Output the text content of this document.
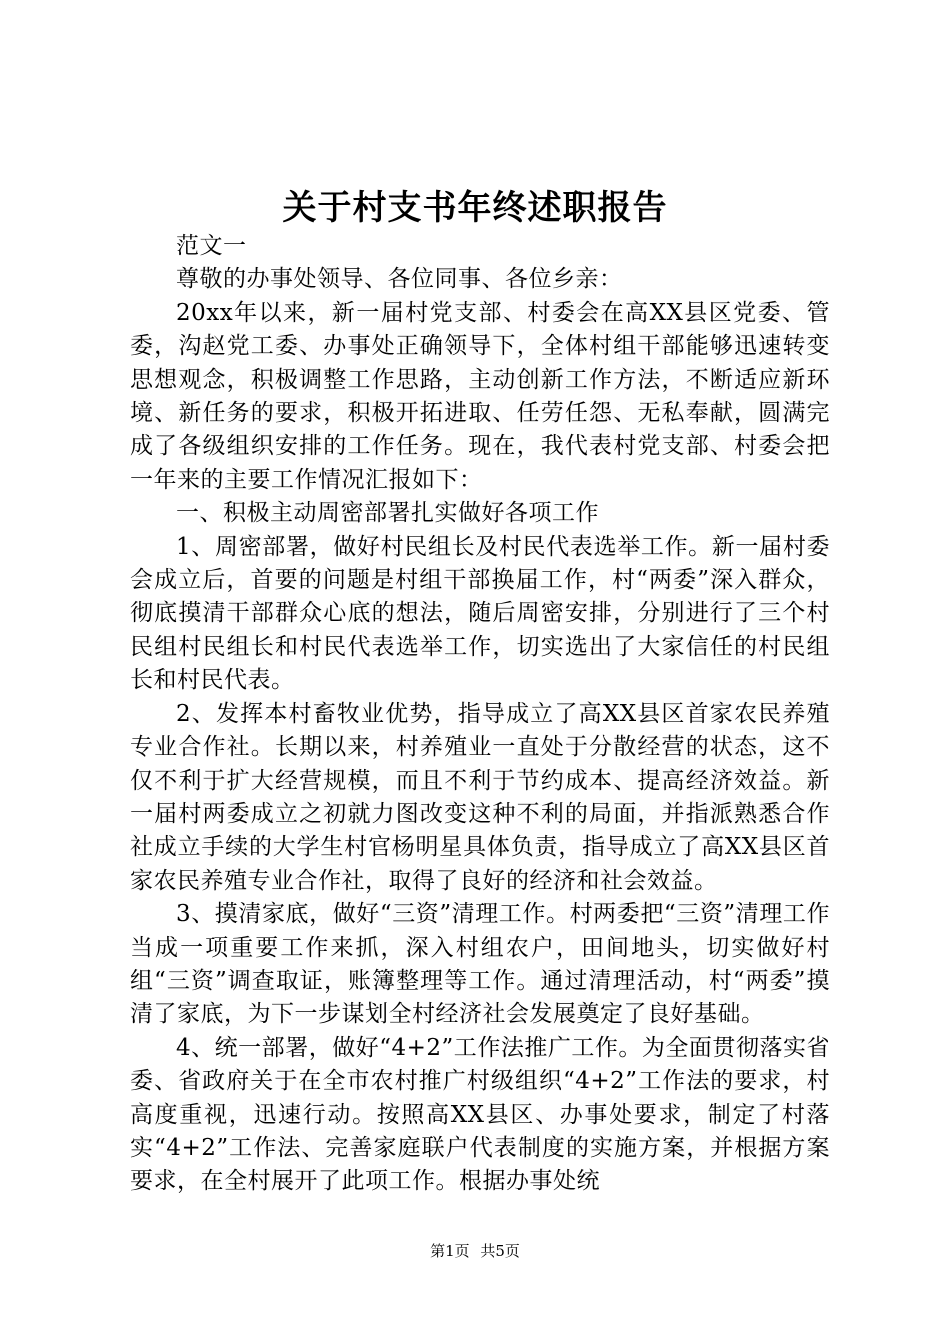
关于村支书年终述职报告

范文一

尊敬的办事处领导、各位同事、各位乡亲：

20xx年以来，新一届村党支部、村委会在高XX县区党委、管委，沟赵党工委、办事处正确领导下，全体村组干部能够迅速转变思想观念，积极调整工作思路，主动创新工作方法，不断适应新环境、新任务的要求，积极开拓进取、任劳任怨、无私奉献，圆满完成了各级组织安排的工作任务。现在，我代表村党支部、村委会把一年来的主要工作情况汇报如下：

一、积极主动周密部署扎实做好各项工作

1、周密部署，做好村民组长及村民代表选举工作。新一届村委会成立后，首要的问题是村组干部换届工作，村“两委”深入群众，彻底摸清干部群众心底的想法，随后周密安排，分别进行了三个村民组村民组长和村民代表选举工作，切实选出了大家信任的村民组长和村民代表。

2、发挥本村畜牧业优势，指导成立了高XX县区首家农民养殖专业合作社。长期以来，村养殖业一直处于分散经营的状态，这不仅不利于扩大经营规模，而且不利于节约成本、提高经济效益。新一届村两委成立之初就力图改变这种不利的局面，并指派熟悉合作社成立手续的大学生村官杨明星具体负责，指导成立了高XX县区首家农民养殖专业合作社，取得了良好的经济和社会效益。

3、摸清家底，做好“三资”清理工作。村两委把“三资”清理工作当成一项重要工作来抓，深入村组农户，田间地头，切实做好村组“三资”调查取证，账簿整理等工作。通过清理活动，村“两委”摸清了家底，为下一步谋划全村经济社会发展奠定了良好基础。

4、统一部署，做好“4+2”工作法推广工作。为全面贯彻落实省委、省政府关于在全市农村推广村级组织“4+2”工作法的要求，村高度重视，迅速行动。按照高XX县区、办事处要求，制定了村落实“4+2”工作法、完善家庭联户代表制度的实施方案，并根据方案要求，在全村展开了此项工作。根据办事处统

第1页 共5页
